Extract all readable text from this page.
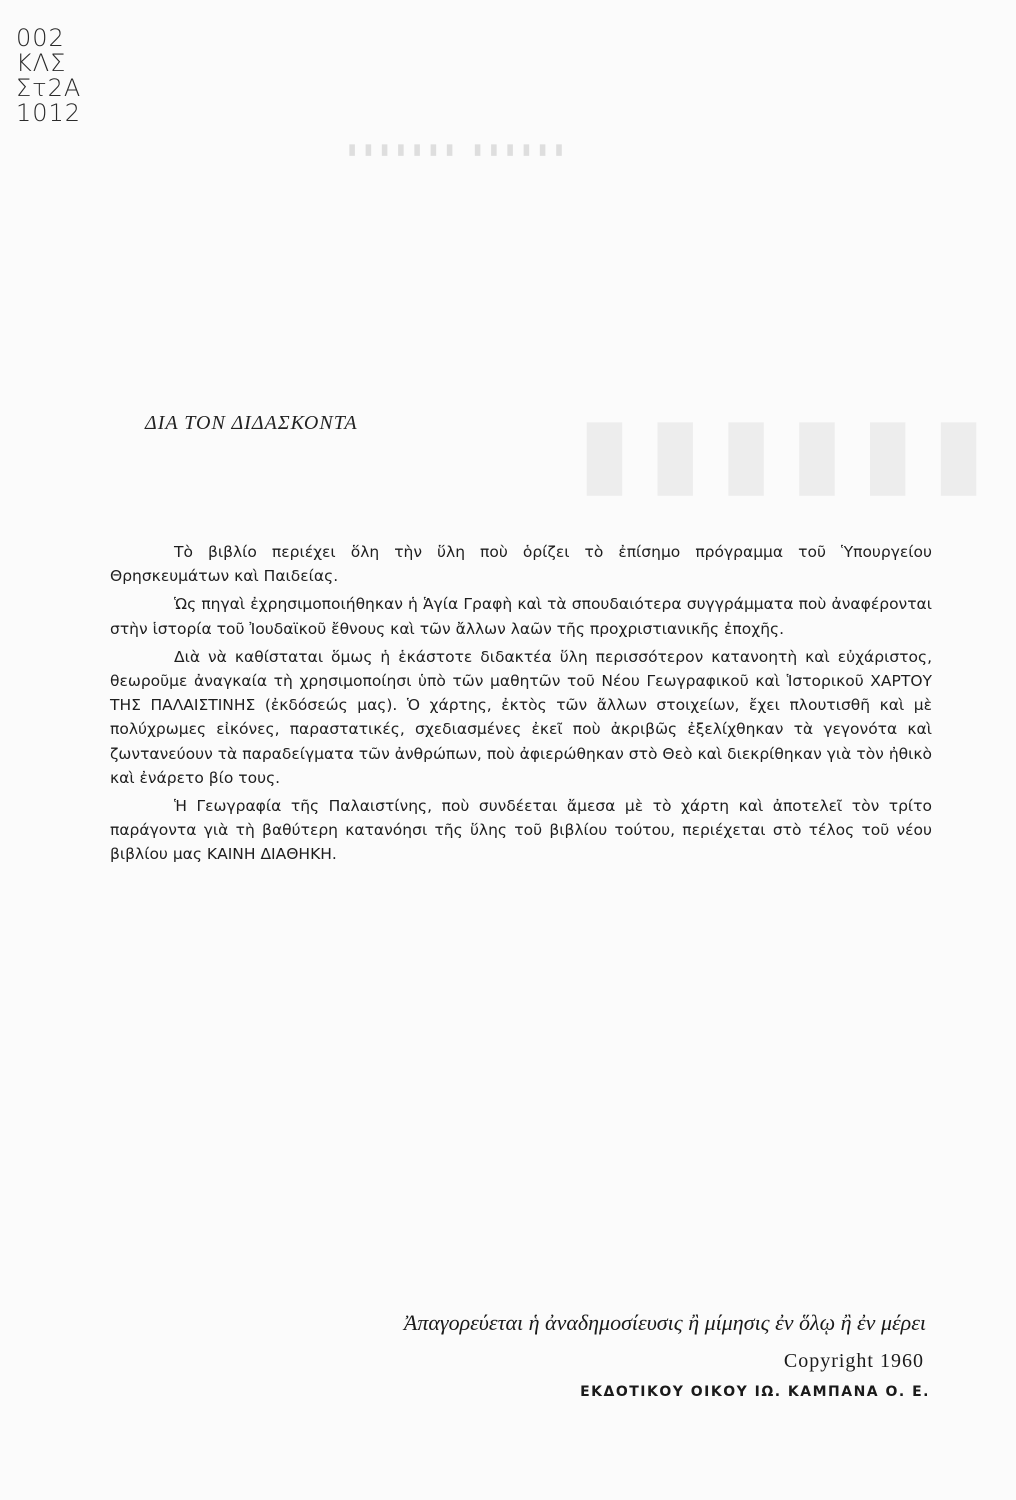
▮▮▮▮▮▮ ▮▮▮▮▮▮▮
▮▮▮▮▮▮
002
ΚΛΣ
Στ2Α
1012
ΔΙΑ ΤΟΝ ΔΙΔΑΣΚΟΝΤΑ

Τὸ βιβλίο περιέχει ὅλη τὴν ὕλη ποὺ ὁρίζει τὸ ἐπίσημο πρόγραμμα τοῦ Ὑπουργείου Θρησκευμάτων καὶ Παιδείας.

Ὡς πηγαὶ ἐχρησιμοποιήθηκαν ἡ Ἁγία Γραφὴ καὶ τὰ σπουδαιότερα συγγράμματα ποὺ ἀναφέρονται στὴν ἱστορία τοῦ Ἰουδαϊκοῦ ἔθνους καὶ τῶν ἄλλων λαῶν τῆς προχριστιανικῆς ἐποχῆς.

Διὰ νὰ καθίσταται ὅμως ἡ ἑκάστοτε διδακτέα ὕλη περισσότερον κατανοητὴ καὶ εὐχάριστος, θεωροῦμε ἀναγκαία τὴ χρησιμοποίησι ὑπὸ τῶν μαθητῶν τοῦ Νέου Γεωγραφικοῦ καὶ Ἱστορικοῦ ΧΑΡΤΟΥ ΤΗΣ ΠΑΛΑΙΣΤΙΝΗΣ (ἐκδόσεώς μας). Ὁ χάρτης, ἐκτὸς τῶν ἄλλων στοιχείων, ἔχει πλουτισθῆ καὶ μὲ πολύχρωμες εἰκόνες, παραστατικές, σχεδιασμένες ἐκεῖ ποὺ ἀκριβῶς ἐξελίχθηκαν τὰ γεγονότα καὶ ζωντανεύουν τὰ παραδείγματα τῶν ἀνθρώπων, ποὺ ἀφιερώθηκαν στὸ Θεὸ καὶ διεκρίθηκαν γιὰ τὸν ἠθικὸ καὶ ἐνάρετο βίο τους.

Ἡ Γεωγραφία τῆς Παλαιστίνης, ποὺ συνδέεται ἄμεσα μὲ τὸ χάρτη καὶ ἀποτελεῖ τὸν τρίτο παράγοντα γιὰ τὴ βαθύτερη κατανόησι τῆς ὕλης τοῦ βιβλίου τούτου, περιέχεται στὸ τέλος τοῦ νέου βιβλίου μας ΚΑΙΝΗ ΔΙΑΘΗΚΗ.

Ἀπαγορεύεται ἡ ἀναδημοσίευσις ἢ μίμησις ἐν ὅλῳ ἢ ἐν μέρει
Copyright 1960
ΕΚΔΟΤΙΚΟΥ ΟΙΚΟΥ ΙΩ. ΚΑΜΠΑΝΑ Ο. Ε.
